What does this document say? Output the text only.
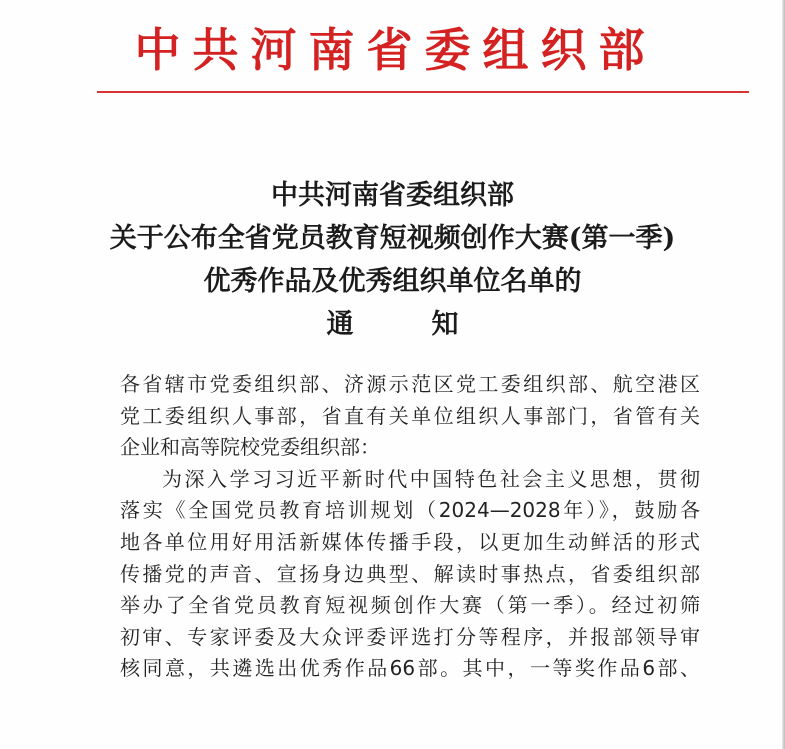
中共河南省委组织部
中共河南省委组织部
关于公布全省党员教育短视频创作大赛(第一季)
优秀作品及优秀组织单位名单的
通知
各省辖市党委组织部、济源示范区党工委组织部、航空港区
党工委组织人事部，省直有关单位组织人事部门，省管有关
企业和高等院校党委组织部：
为深入学习习近平新时代中国特色社会主义思想，贯彻
落实《全国党员教育培训规划（2024—2028年）》，鼓励各
地各单位用好用活新媒体传播手段，以更加生动鲜活的形式
传播党的声音、宣扬身边典型、解读时事热点，省委组织部
举办了全省党员教育短视频创作大赛（第一季）。经过初筛
初审、专家评委及大众评委评选打分等程序，并报部领导审
核同意，共遴选出优秀作品66部。其中，一等奖作品6部、
